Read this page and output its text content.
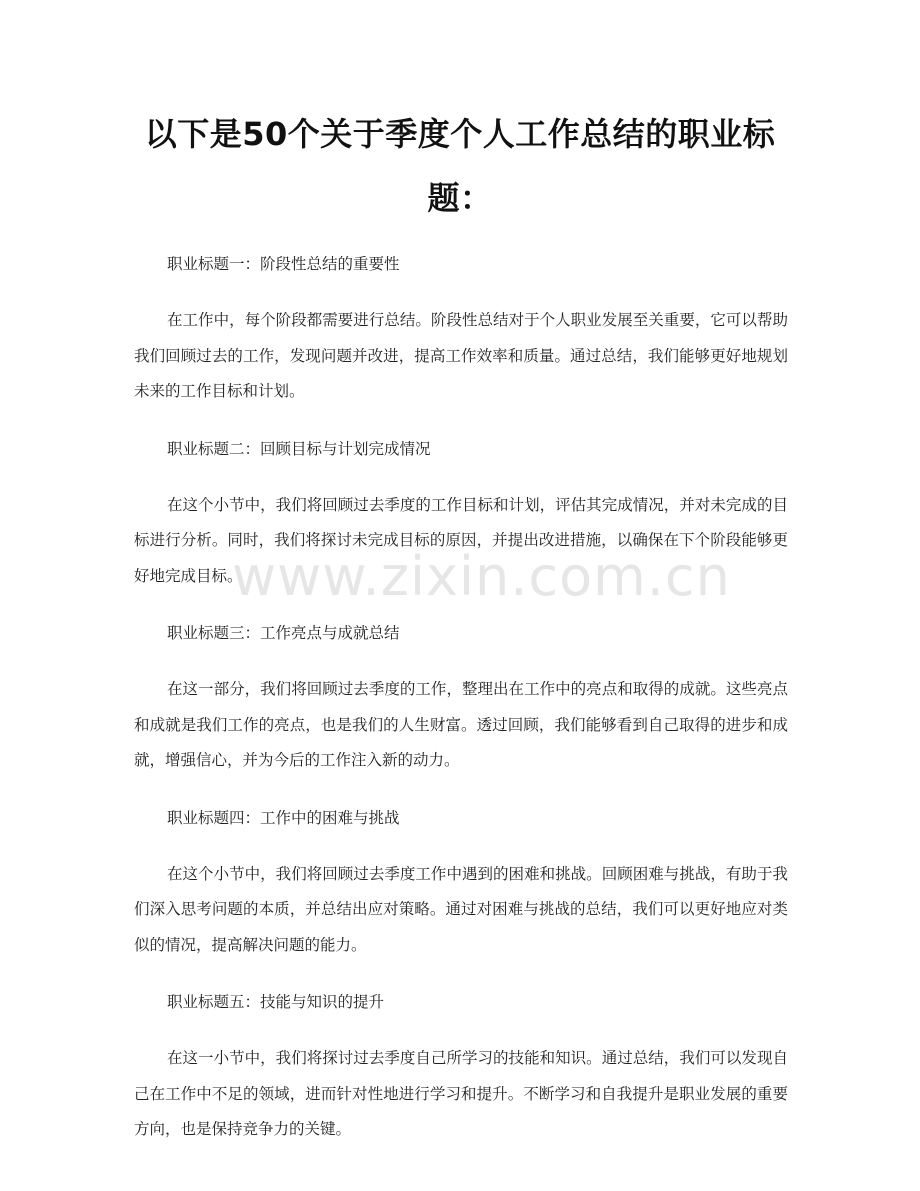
以下是50个关于季度个人工作总结的职业标题：

职业标题一：阶段性总结的重要性

在工作中，每个阶段都需要进行总结。阶段性总结对于个人职业发展至关重要，它可以帮助我们回顾过去的工作，发现问题并改进，提高工作效率和质量。通过总结，我们能够更好地规划未来的工作目标和计划。

职业标题二：回顾目标与计划完成情况

在这个小节中，我们将回顾过去季度的工作目标和计划，评估其完成情况，并对未完成的目标进行分析。同时，我们将探讨未完成目标的原因，并提出改进措施，以确保在下个阶段能够更好地完成目标。

职业标题三：工作亮点与成就总结

在这一部分，我们将回顾过去季度的工作，整理出在工作中的亮点和取得的成就。这些亮点和成就是我们工作的亮点，也是我们的人生财富。透过回顾，我们能够看到自己取得的进步和成就，增强信心，并为今后的工作注入新的动力。

职业标题四：工作中的困难与挑战

在这个小节中，我们将回顾过去季度工作中遇到的困难和挑战。回顾困难与挑战，有助于我们深入思考问题的本质，并总结出应对策略。通过对困难与挑战的总结，我们可以更好地应对类似的情况，提高解决问题的能力。

职业标题五：技能与知识的提升

在这一小节中，我们将探讨过去季度自己所学习的技能和知识。通过总结，我们可以发现自己在工作中不足的领域，进而针对性地进行学习和提升。不断学习和自我提升是职业发展的重要方向，也是保持竞争力的关键。

www.zixin.com.cn
